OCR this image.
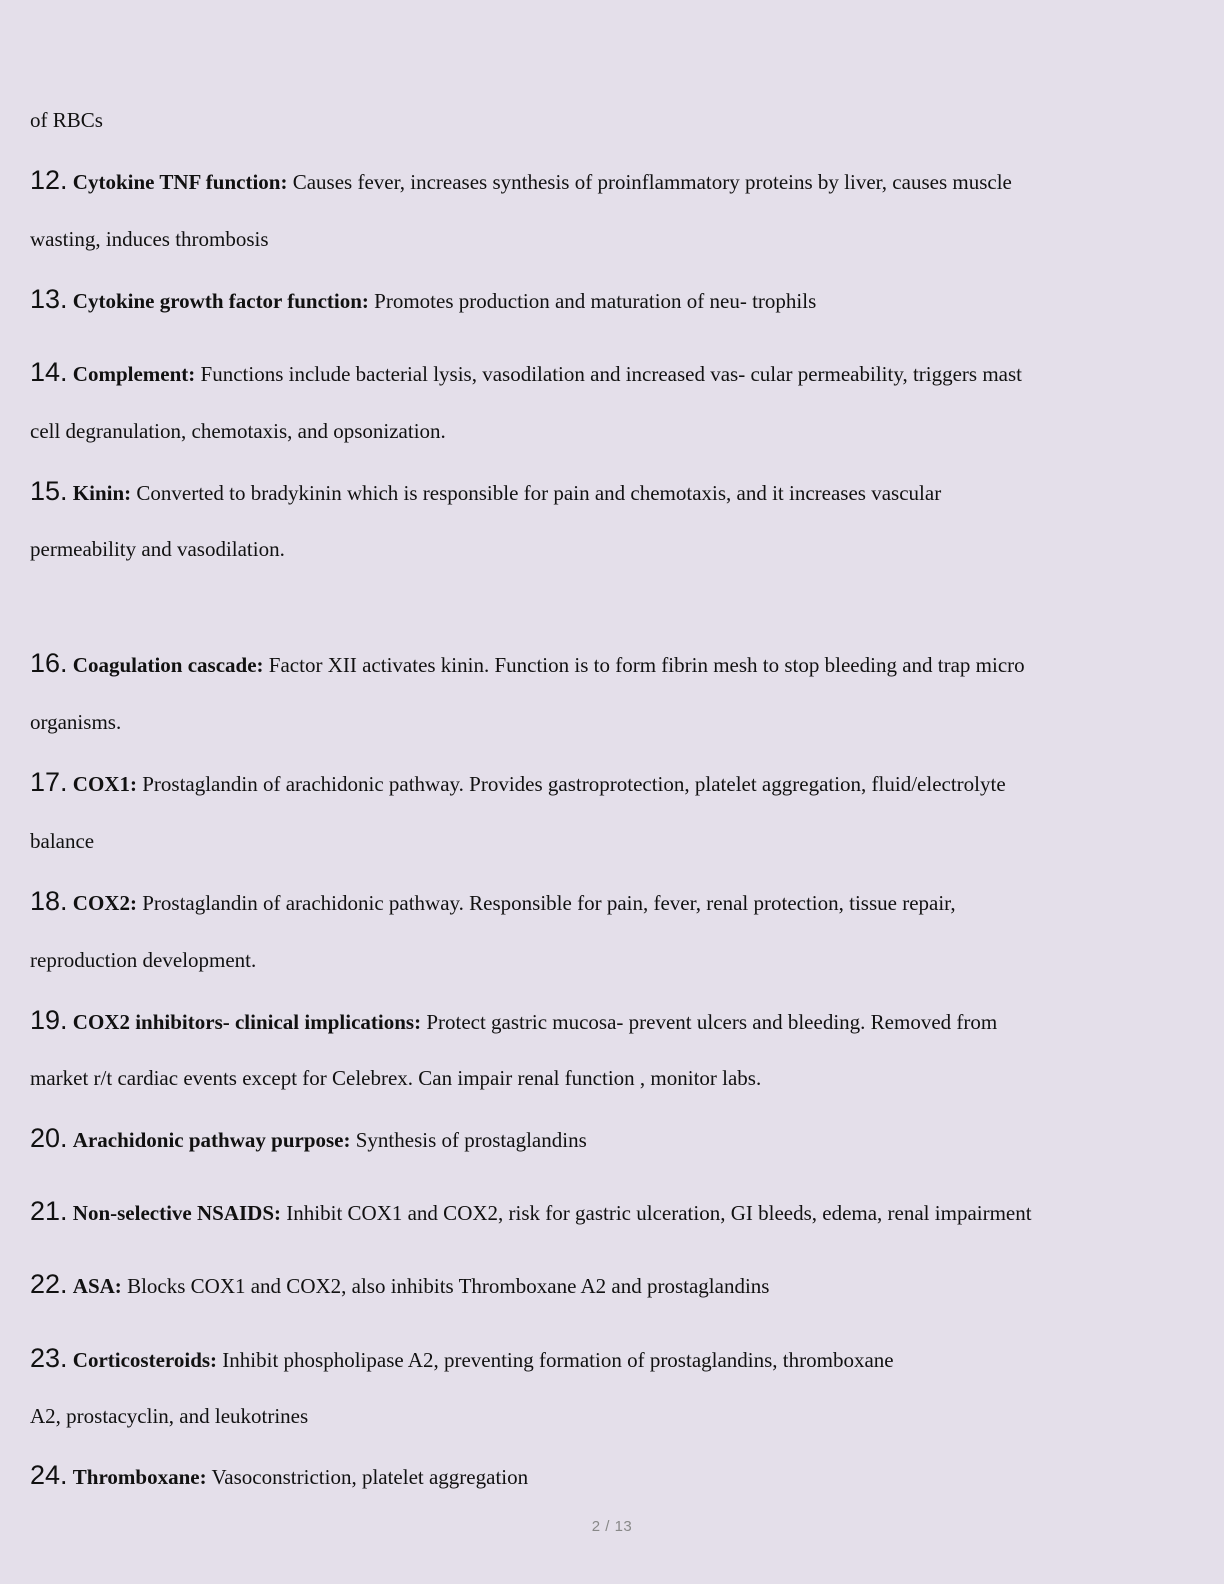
of RBCs
12. Cytokine TNF function: Causes fever, increases synthesis of proinflammatory proteins by liver, causes muscle
wasting, induces thrombosis
13. Cytokine growth factor function: Promotes production and maturation of neu- trophils
14. Complement: Functions include bacterial lysis, vasodilation and increased vas- cular permeability, triggers mast
cell degranulation, chemotaxis, and opsonization.
15. Kinin: Converted to bradykinin which is responsible for pain and chemotaxis, and it increases vascular
permeability and vasodilation.
16. Coagulation cascade: Factor XII activates kinin. Function is to form fibrin mesh to stop bleeding and trap micro
organisms.
17. COX1: Prostaglandin of arachidonic pathway. Provides gastroprotection, platelet aggregation, fluid/electrolyte
balance
18. COX2: Prostaglandin of arachidonic pathway. Responsible for pain, fever, renal protection, tissue repair,
reproduction development.
19. COX2 inhibitors- clinical implications: Protect gastric mucosa- prevent ulcers and bleeding. Removed from
market r/t cardiac events except for Celebrex. Can impair renal function , monitor labs.
20. Arachidonic pathway purpose: Synthesis of prostaglandins
21. Non-selective NSAIDS: Inhibit COX1 and COX2, risk for gastric ulceration, GI bleeds, edema, renal impairment
22. ASA: Blocks COX1 and COX2, also inhibits Thromboxane A2 and prostaglandins
23. Corticosteroids: Inhibit phospholipase A2, preventing formation of prostaglandins, thromboxane
A2, prostacyclin, and leukotrines
24. Thromboxane: Vasoconstriction, platelet aggregation
2 / 13
